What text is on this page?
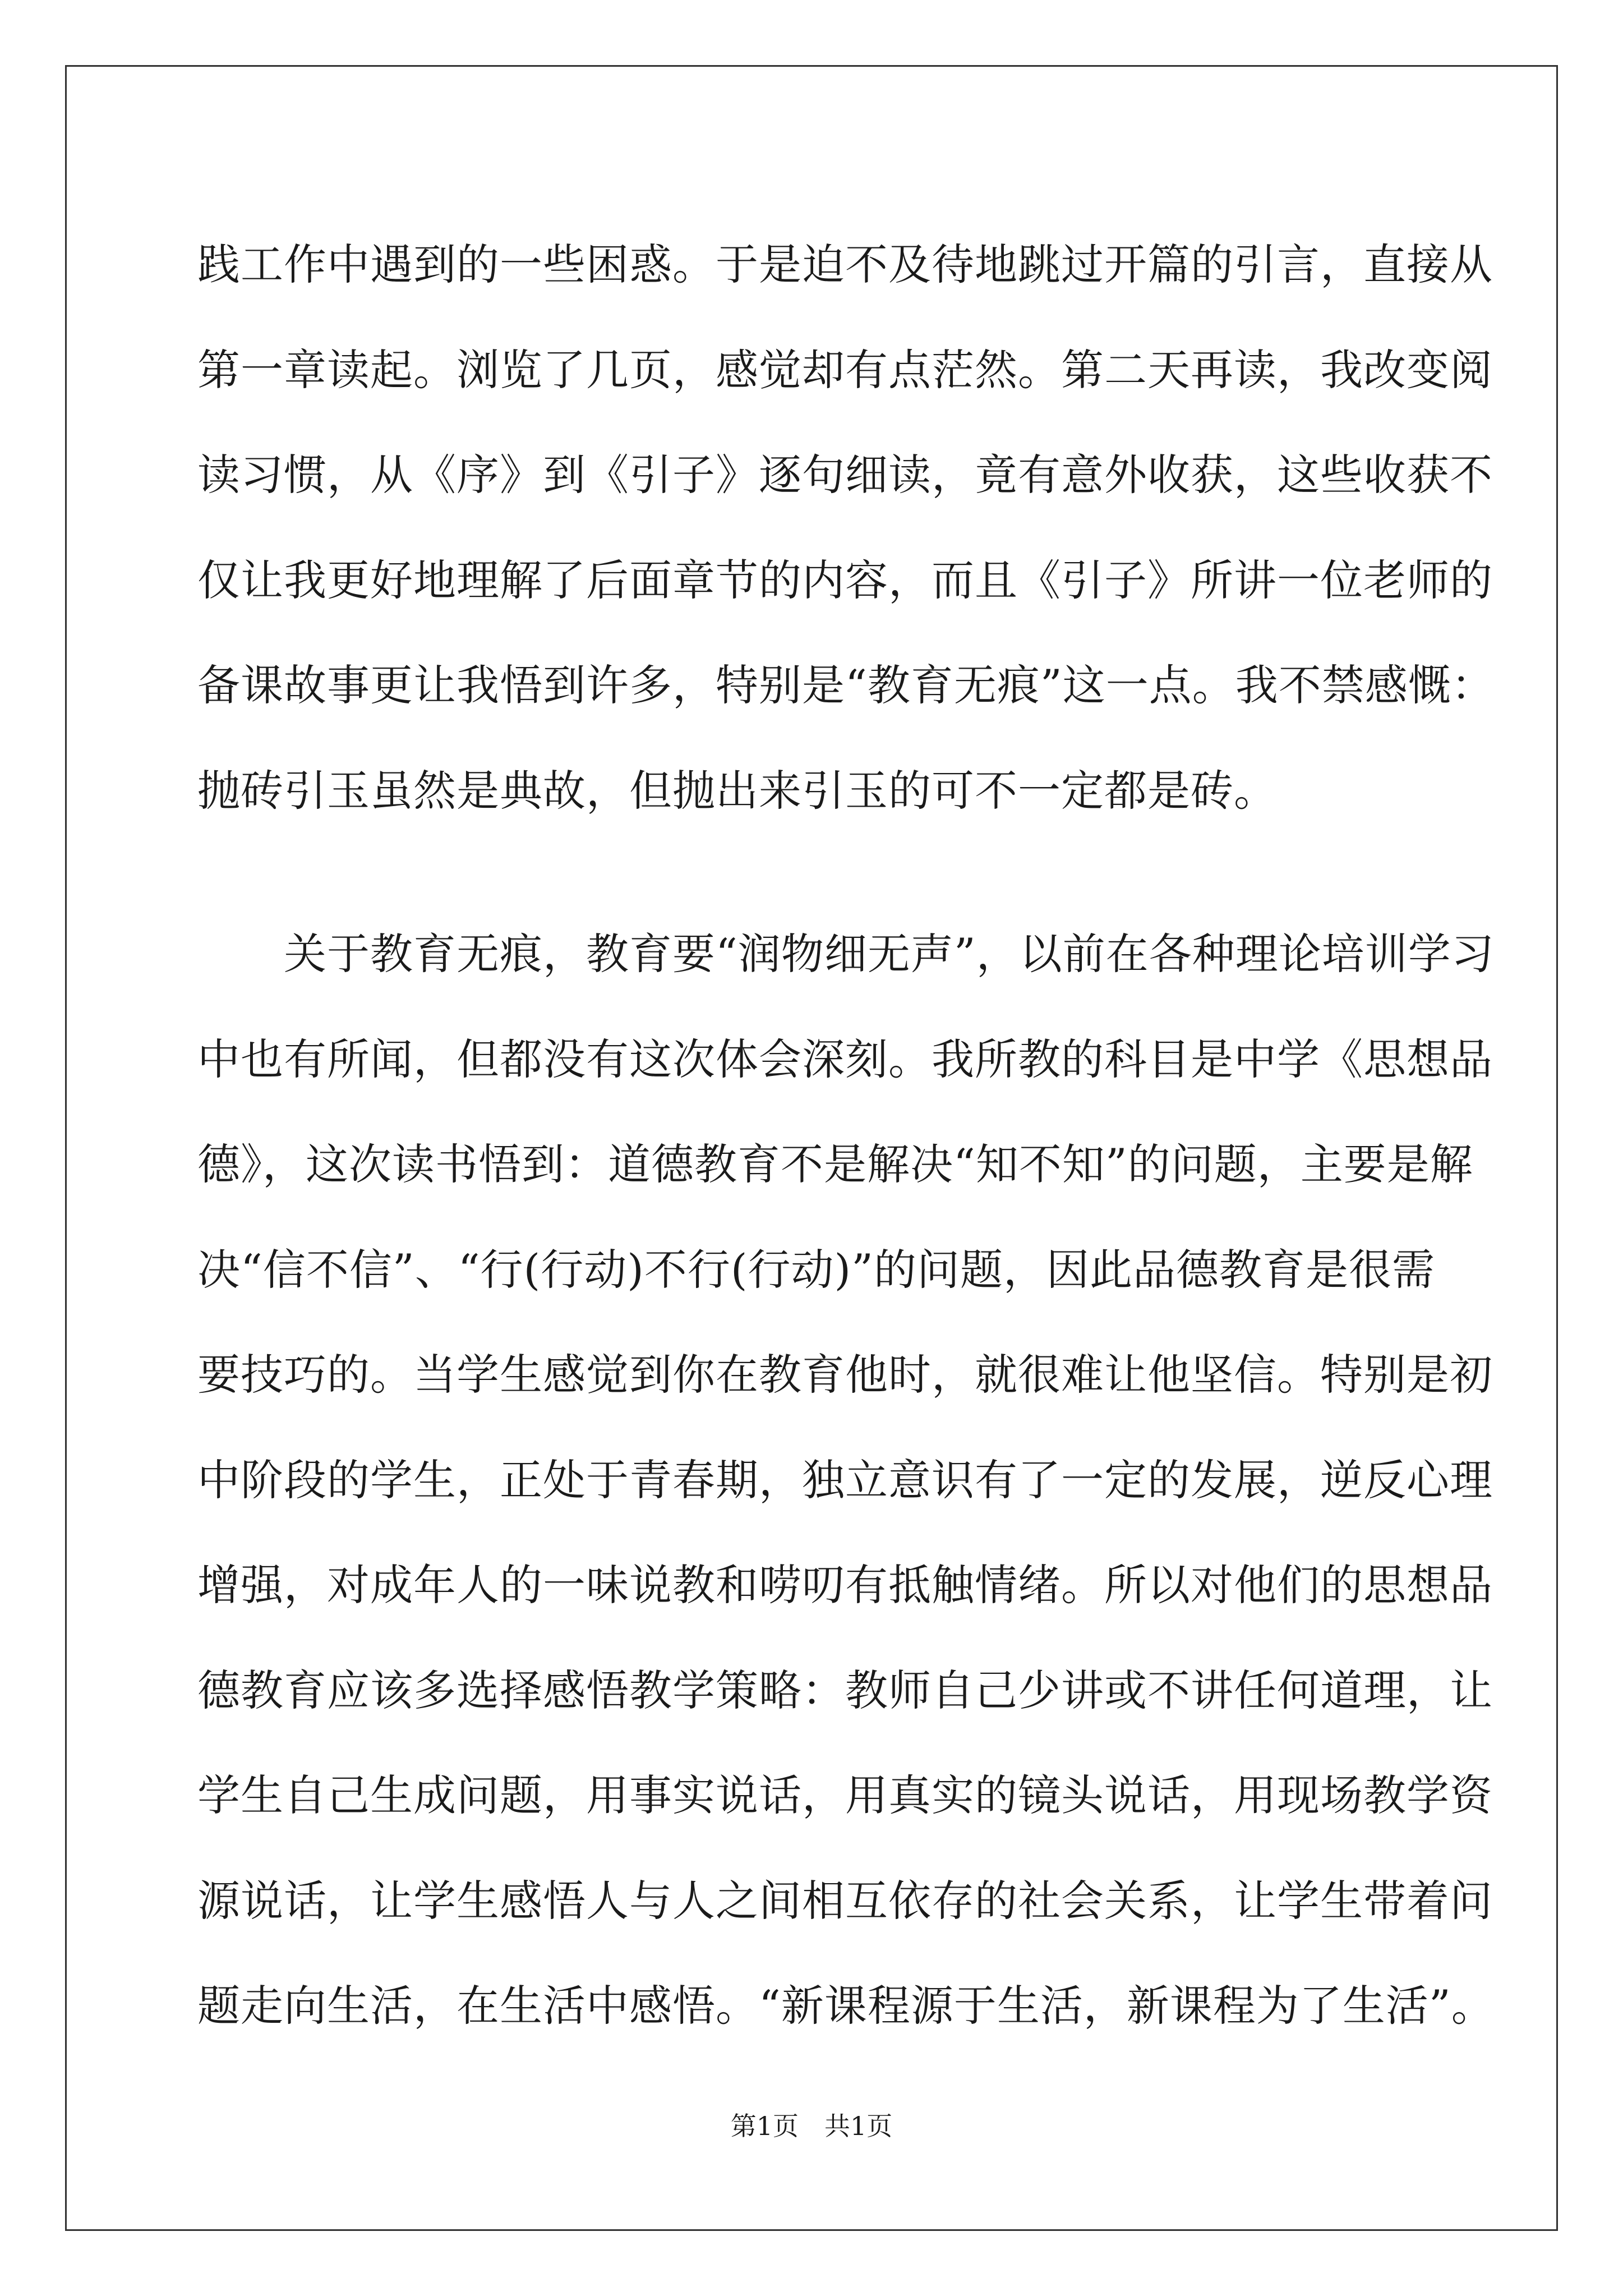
践工作中遇到的一些困惑。于是迫不及待地跳过开篇的引言，直接从
第一章读起。浏览了几页，感觉却有点茫然。第二天再读，我改变阅
读习惯，从《序》到《引子》逐句细读，竟有意外收获，这些收获不
仅让我更好地理解了后面章节的内容，而且《引子》所讲一位老师的
备课故事更让我悟到许多，特别是“教育无痕”这一点。我不禁感慨：
抛砖引玉虽然是典故，但抛出来引玉的可不一定都是砖。
　　关于教育无痕，教育要“润物细无声”，以前在各种理论培训学习
中也有所闻，但都没有这次体会深刻。我所教的科目是中学《思想品
德》，这次读书悟到：道德教育不是解决“知不知”的问题，主要是解
决“信不信”、“行(行动)不行(行动)”的问题，因此品德教育是很需
要技巧的。当学生感觉到你在教育他时，就很难让他坚信。特别是初
中阶段的学生，正处于青春期，独立意识有了一定的发展，逆反心理
增强，对成年人的一味说教和唠叨有抵触情绪。所以对他们的思想品
德教育应该多选择感悟教学策略：教师自己少讲或不讲任何道理，让
学生自己生成问题，用事实说话，用真实的镜头说话，用现场教学资
源说话，让学生感悟人与人之间相互依存的社会关系，让学生带着问
题走向生活，在生活中感悟。“新课程源于生活，新课程为了生活”。
第1页　共1页
